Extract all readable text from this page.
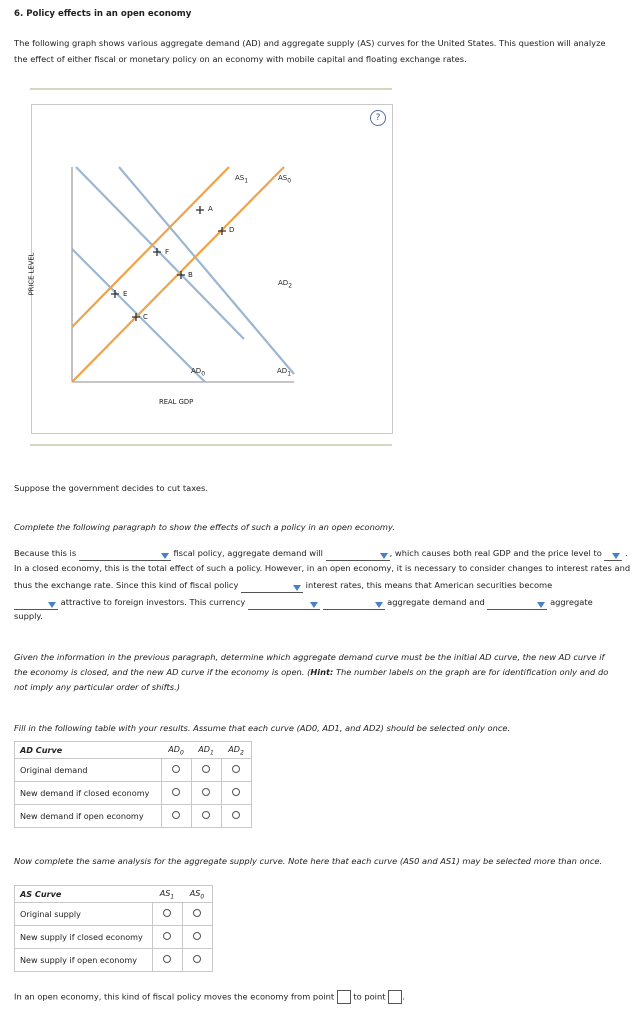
6. Policy effects in an open economy
The following graph shows various aggregate demand (AD) and aggregate supply (AS) curves for the United States. This question will analyze the effect of either fiscal or monetary policy on an economy with mobile capital and floating exchange rates.
?
A
B
C
D
E
F
$AS_1$	$AS_0$
$AD_2$
$AD_0$	$AD_1$
PRICE LEVEL
REAL GDP
Suppose the government decides to cut taxes.
Complete the following paragraph to show the effects of such a policy in an open economy.
Because this is	fiscal policy, aggregate demand will	, which causes both real GDP and the price level to	.
In a closed economy, this is the total effect of such a policy. However, in an open economy, it is necessary to consider changes to interest rates and
thus the exchange rate. Since this kind of fiscal policy	interest rates, this means that American securities become
attractive to foreign investors. This currency	aggregate demand and	aggregate
supply.
Given the information in the previous paragraph, determine which aggregate demand curve must be the initial AD curve, the new AD curve if the economy is closed, and the new AD curve if the economy is open. (Hint: The number labels on the graph are for identification only and do not imply any particular order of shifts.)
Fill in the following table with your results. Assume that each curve (AD0, AD1, and AD2) should be selected only once.
AD Curve	$AD_0$	$AD_1$	$AD_2$
Original demand			
New demand if closed economy			
New demand if open economy			
Now complete the same analysis for the aggregate supply curve. Note here that each curve (AS0 and AS1) may be selected more than once.
AS Curve	$AS_1$	$AS_0$
Original supply		
New supply if closed economy		
New supply if open economy		
In an open economy, this kind of fiscal policy moves the economy from point to point .
